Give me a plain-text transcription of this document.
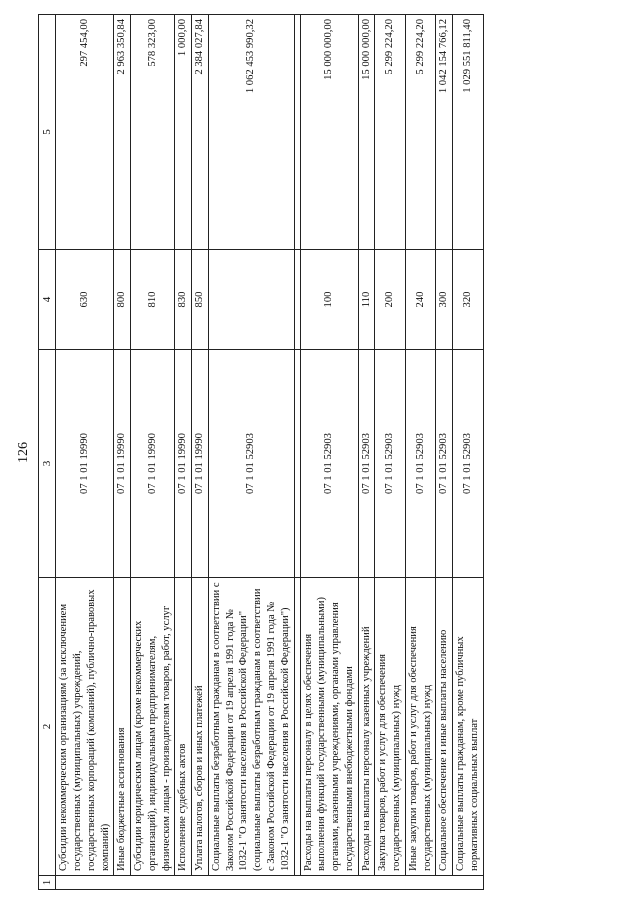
126
1	2	3	4	5
	Субсидии некоммерческим организациям (за исключением государственных (муниципальных) учреждений, государственных корпораций (компаний), публично-правовых компаний)	07 1 01 19990	630	297 454,00
	Иные бюджетные ассигнования	07 1 01 19990	800	2 963 350,84
	Субсидии юридическим лицам (кроме некоммерческих организаций), индивидуальным предпринимателям, физическим лицам - производителям товаров, работ, услуг	07 1 01 19990	810	578 323,00
	Исполнение судебных актов	07 1 01 19990	830	1 000,00
	Уплата налогов, сборов и иных платежей	07 1 01 19990	850	2 384 027,84
	Социальные выплаты безработным гражданам в соответствии с Законом Российской Федерации от 19 апреля 1991 года № 1032-1 "О занятости населения в Российской Федерации" (социальные выплаты безработным гражданам в соответствии с Законом Российской Федерации от 19 апреля 1991 года № 1032-1 "О занятости населения в Российской Федерации")	07 1 01 52903		1 062 453 990,32

	Расходы на выплаты персоналу в целях обеспечения выполнения функций государственными (муниципальными) органами, казенными учреждениями, органами управления государственными внебюджетными фондами	07 1 01 52903	100	15 000 000,00
	Расходы на выплаты персоналу казенных учреждений	07 1 01 52903	110	15 000 000,00
	Закупка товаров, работ и услуг для обеспечения государственных (муниципальных) нужд	07 1 01 52903	200	5 299 224,20
	Иные закупки товаров, работ и услуг для обеспечения государственных (муниципальных) нужд	07 1 01 52903	240	5 299 224,20
	Социальное обеспечение и иные выплаты населению	07 1 01 52903	300	1 042 154 766,12
	Социальные выплаты гражданам, кроме публичных нормативных социальных выплат	07 1 01 52903	320	1 029 551 811,40
